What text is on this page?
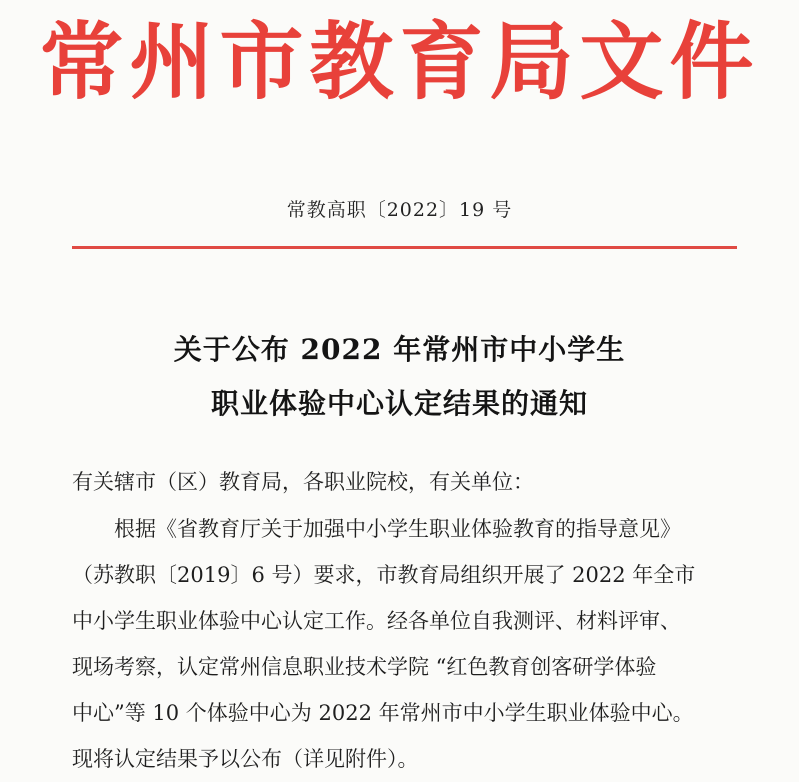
常州市教育局文件
常教高职〔2022〕19 号
关于公布 2022 年常州市中小学生
职业体验中心认定结果的通知
有关辖市（区）教育局，各职业院校，有关单位：
根据《省教育厅关于加强中小学生职业体验教育的指导意见》
（苏教职〔2019〕6 号）要求，市教育局组织开展了 2022 年全市
中小学生职业体验中心认定工作。经各单位自我测评、材料评审、
现场考察，认定常州信息职业技术学院 “红色教育创客研学体验
中心”等 10 个体验中心为 2022 年常州市中小学生职业体验中心。
现将认定结果予以公布（详见附件）。
